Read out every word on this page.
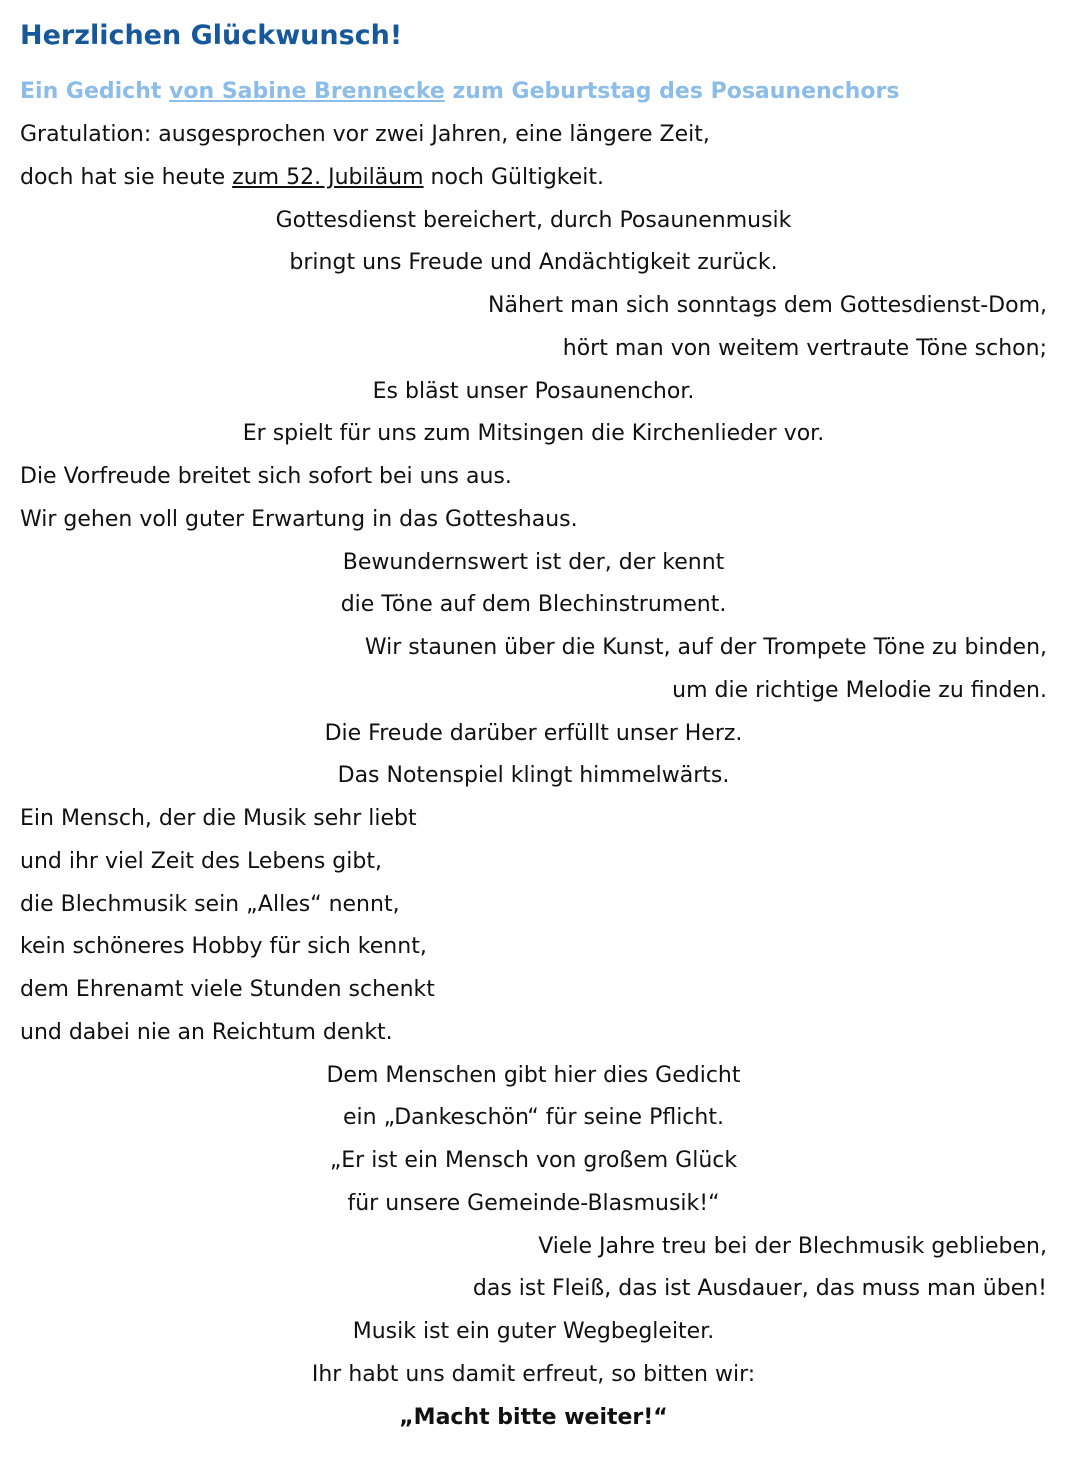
Herzlichen Glückwunsch!
Ein Gedicht von Sabine Brennecke zum Geburtstag des Posaunenchors
Gratulation: ausgesprochen vor zwei Jahren, eine längere Zeit,
doch hat sie heute zum 52. Jubiläum noch Gültigkeit.
Gottesdienst bereichert, durch Posaunenmusik
bringt uns Freude und Andächtigkeit zurück.
Nähert man sich sonntags dem Gottesdienst-Dom,
hört man von weitem vertraute Töne schon;
Es bläst unser Posaunenchor.
Er spielt für uns zum Mitsingen die Kirchenlieder vor.
Die Vorfreude breitet sich sofort bei uns aus.
Wir gehen voll guter Erwartung in das Gotteshaus.
Bewundernswert ist der, der kennt
die Töne auf dem Blechinstrument.
Wir staunen über die Kunst, auf der Trompete Töne zu binden,
um die richtige Melodie zu finden.
Die Freude darüber erfüllt unser Herz.
Das Notenspiel klingt himmelwärts.
Ein Mensch, der die Musik sehr liebt
und ihr viel Zeit des Lebens gibt,
die Blechmusik sein „Alles“ nennt,
kein schöneres Hobby für sich kennt,
dem Ehrenamt viele Stunden schenkt
und dabei nie an Reichtum denkt.
Dem Menschen gibt hier dies Gedicht
ein „Dankeschön“ für seine Pflicht.
„Er ist ein Mensch von großem Glück
für unsere Gemeinde-Blasmusik!“
Viele Jahre treu bei der Blechmusik geblieben,
das ist Fleiß, das ist Ausdauer, das muss man üben!
Musik ist ein guter Wegbegleiter.
Ihr habt uns damit erfreut, so bitten wir:
„Macht bitte weiter!“
